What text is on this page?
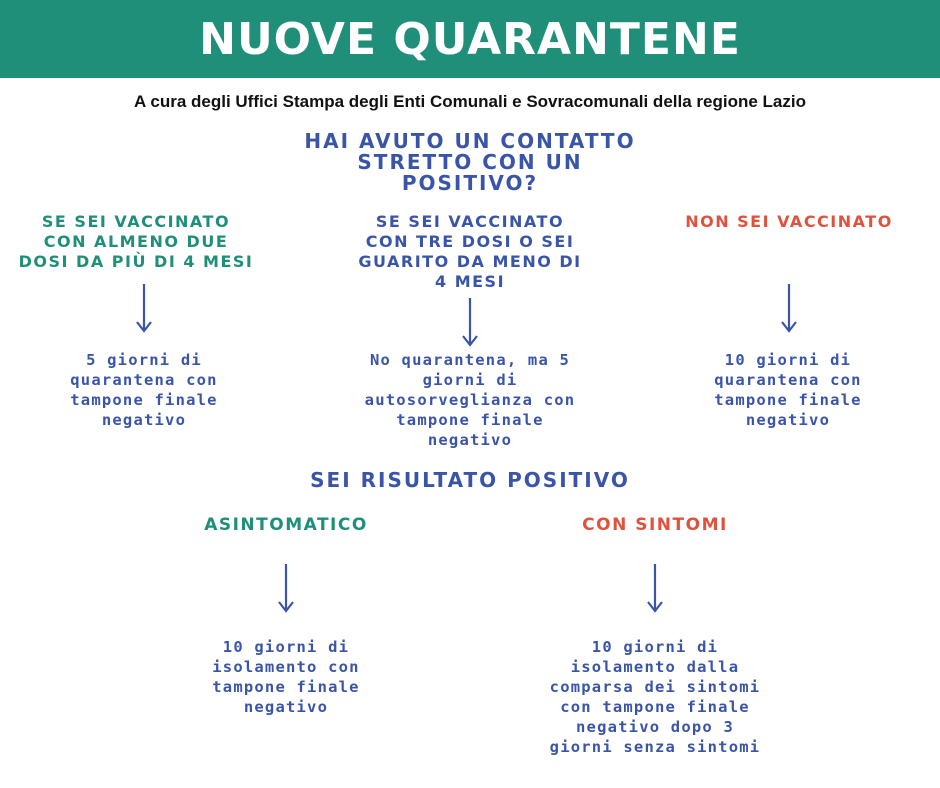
NUOVE QUARANTENE
A cura degli Uffici Stampa degli Enti Comunali e Sovracomunali della regione Lazio
HAI AVUTO UN CONTATTO
STRETTO CON UN
POSITIVO?
SE SEI VACCINATO
CON ALMENO DUE
DOSI DA PIÙ DI 4 MESI
5 giorni di
quarantena con
tampone finale
negativo
SE SEI VACCINATO
CON TRE DOSI O SEI
GUARITO DA MENO DI
4 MESI
No quarantena, ma 5
giorni di
autosorveglianza con
tampone finale
negativo
NON SEI VACCINATO
10 giorni di
quarantena con
tampone finale
negativo
SEI RISULTATO POSITIVO
ASINTOMATICO
10 giorni di
isolamento con
tampone finale
negativo
CON SINTOMI
10 giorni di
isolamento dalla
comparsa dei sintomi
con tampone finale
negativo dopo 3
giorni senza sintomi
